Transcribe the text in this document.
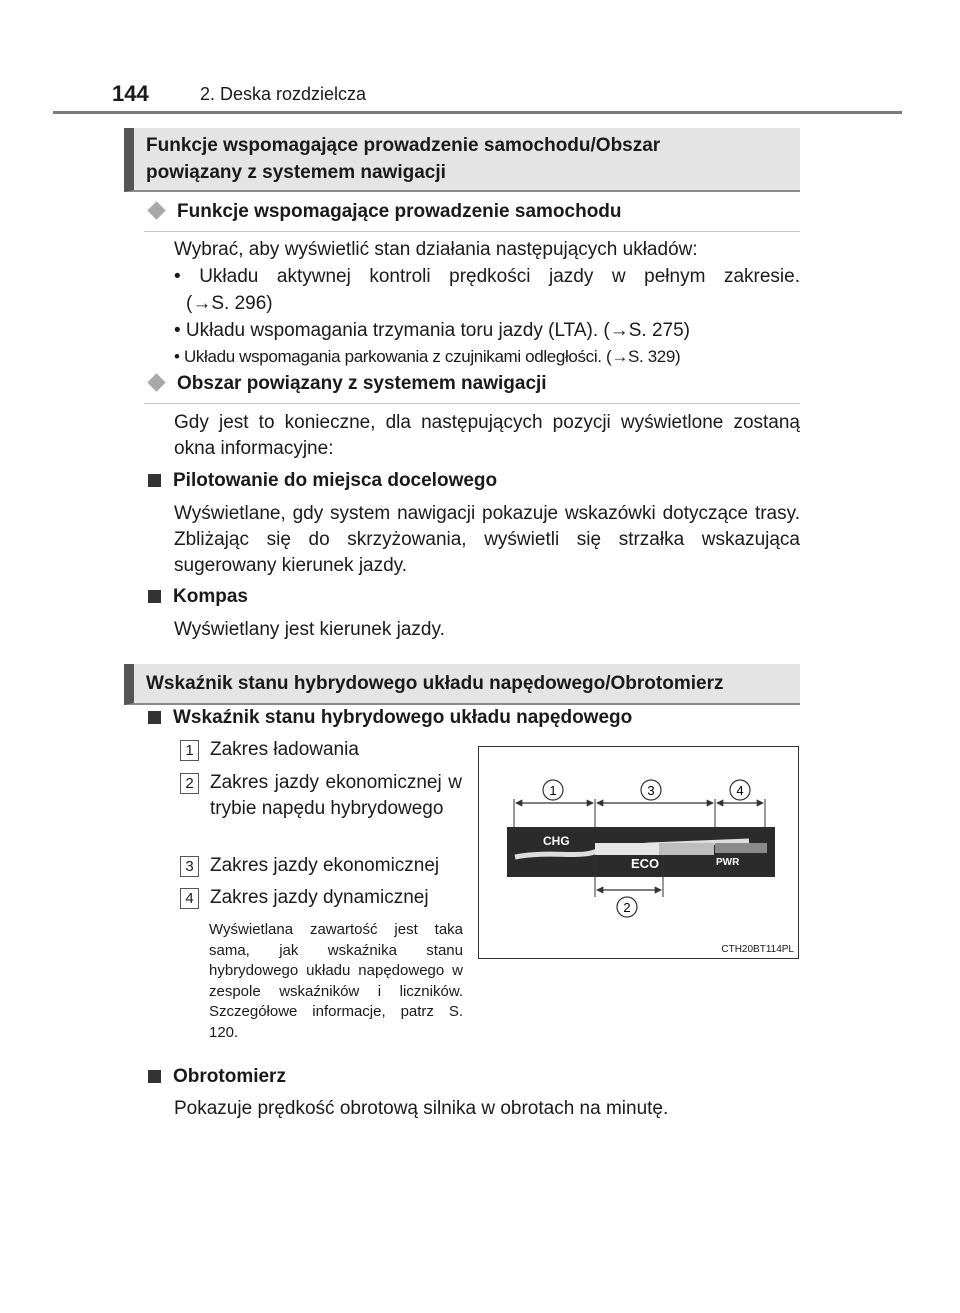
144	2. Deska rozdzielcza
Funkcje wspomagające prowadzenie samochodu/Obszar
powiązany z systemem nawigacji
Funkcje wspomagające prowadzenie samochodu
Wybrać, aby wyświetlić stan działania następujących układów:
• Układu aktywnej kontroli prędkości jazdy w pełnym zakresie.
(→S. 296)
• Układu wspomagania trzymania toru jazdy (LTA). (→S. 275)
• Układu wspomagania parkowania z czujnikami odległości. (→S. 329)
Obszar powiązany z systemem nawigacji
Gdy jest to konieczne, dla następujących pozycji wyświetlone zostaną okna informacyjne:
Pilotowanie do miejsca docelowego
Wyświetlane, gdy system nawigacji pokazuje wskazówki dotyczące trasy. Zbliżając się do skrzyżowania, wyświetli się strzałka wskazująca sugerowany kierunek jazdy.
Kompas
Wyświetlany jest kierunek jazdy.
Wskaźnik stanu hybrydowego układu napędowego/Obrotomierz
Wskaźnik stanu hybrydowego układu napędowego
1 Zakres ładowania
2 Zakres jazdy ekonomicznej w trybie napędu hybrydowego
3 Zakres jazdy ekonomicznej
4 Zakres jazdy dynamicznej
Wyświetlana zawartość jest taka sama, jak wskaźnika stanu hybrydowego układu napędowego w zespole wskaźników i liczników. Szczegółowe informacje, patrz S. 120.
CHG
ECO	PWR
1	3	4
2
CTH20BT114PL
Obrotomierz
Pokazuje prędkość obrotową silnika w obrotach na minutę.
